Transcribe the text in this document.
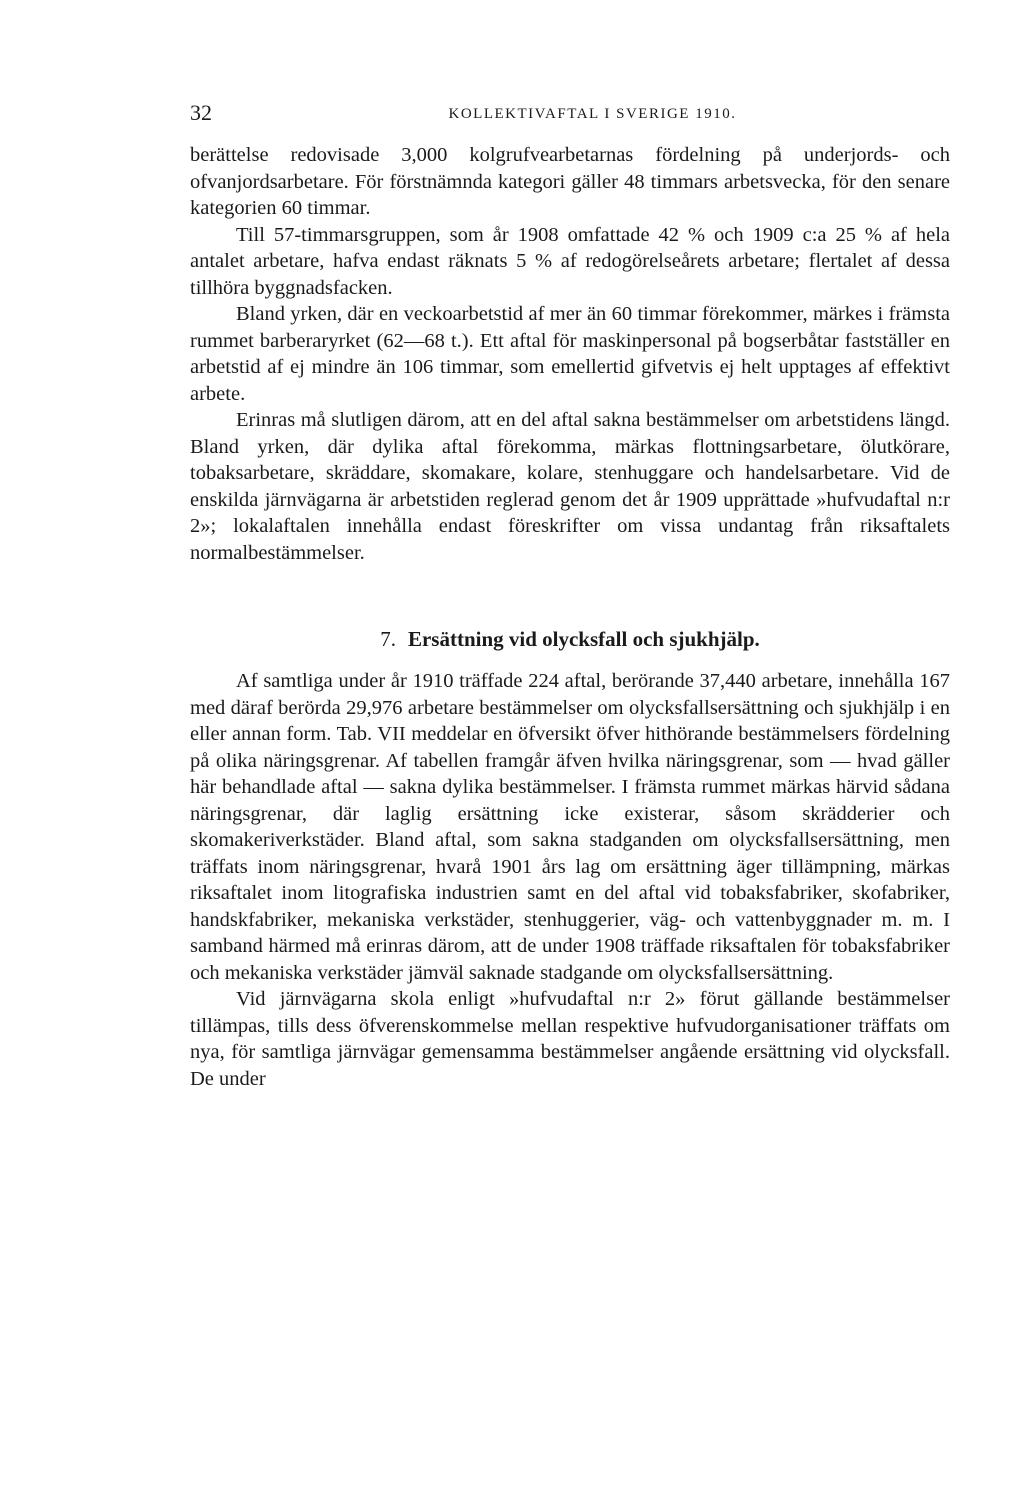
32	KOLLEKTIVAFTAL I SVERIGE 1910.

berättelse redovisade 3,000 kolgrufvearbetarnas fördelning på underjords- och ofvanjordsarbetare. För förstnämnda kategori gäller 48 timmars arbetsvecka, för den senare kategorien 60 timmar.

Till 57-timmarsgruppen, som år 1908 omfattade 42 % och 1909 c:a 25 % af hela antalet arbetare, hafva endast räknats 5 % af redogörelseårets arbetare; flertalet af dessa tillhöra byggnadsfacken.

Bland yrken, där en veckoarbetstid af mer än 60 timmar förekommer, märkes i främsta rummet barberaryrket (62—68 t.). Ett aftal för maskinpersonal på bogserbåtar fastställer en arbetstid af ej mindre än 106 timmar, som emellertid gifvetvis ej helt upptages af effektivt arbete.

Erinras må slutligen därom, att en del aftal sakna bestämmelser om arbetstidens längd. Bland yrken, där dylika aftal förekomma, märkas flottningsarbetare, ölutkörare, tobaksarbetare, skräddare, skomakare, kolare, stenhuggare och handelsarbetare. Vid de enskilda järnvägarna är arbetstiden reglerad genom det år 1909 upprättade »hufvudaftal n:r 2»; lokalaftalen innehålla endast föreskrifter om vissa undantag från riksaftalets normalbestämmelser.

7. Ersättning vid olycksfall och sjukhjälp.

Af samtliga under år 1910 träffade 224 aftal, berörande 37,440 arbetare, innehålla 167 med däraf berörda 29,976 arbetare bestämmelser om olycksfallsersättning och sjukhjälp i en eller annan form. Tab. VII meddelar en öfversikt öfver hithörande bestämmelsers fördelning på olika näringsgrenar. Af tabellen framgår äfven hvilka näringsgrenar, som — hvad gäller här behandlade aftal — sakna dylika bestämmelser. I främsta rummet märkas härvid sådana näringsgrenar, där laglig ersättning icke existerar, såsom skrädderier och skomakeriverkstäder. Bland aftal, som sakna stadganden om olycksfallsersättning, men träffats inom näringsgrenar, hvarå 1901 års lag om ersättning äger tillämpning, märkas riksaftalet inom litografiska industrien samt en del aftal vid tobaksfabriker, skofabriker, handskfabriker, mekaniska verkstäder, stenhuggerier, väg- och vattenbyggnader m. m. I samband härmed må erinras därom, att de under 1908 träffade riksaftalen för tobaksfabriker och mekaniska verkstäder jämväl saknade stadgande om olycksfallsersättning.

Vid järnvägarna skola enligt »hufvudaftal n:r 2» förut gällande bestämmelser tillämpas, tills dess öfverenskommelse mellan respektive hufvudorganisationer träffats om nya, för samtliga järnvägar gemensamma bestämmelser angående ersättning vid olycksfall. De under
